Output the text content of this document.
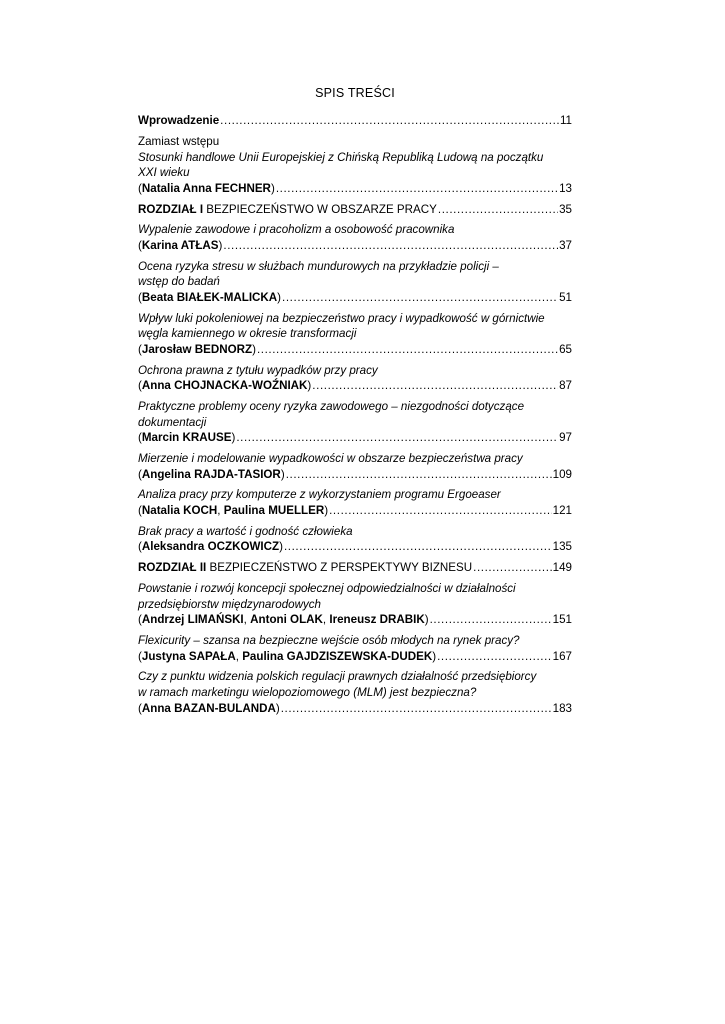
SPIS TREŚCI
Wprowadzenie .....	11
Zamiast wstępu
Stosunki handlowe Unii Europejskiej z Chińską Republiką Ludową na początku
XXI wieku
(Natalia Anna FECHNER) .....	13
ROZDZIAŁ I BEZPIECZEŃSTWO W OBSZARZE PRACY .....	35
Wypalenie zawodowe i pracoholizm a osobowość pracownika
(Karina ATŁAS) .....	37
Ocena ryzyka stresu w służbach mundurowych na przykładzie policji –
wstęp do badań
(Beata BIAŁEK-MALICKA) .....	51
Wpływ luki pokoleniowej na bezpieczeństwo pracy i wypadkowość w górnictwie
węgla kamiennego w okresie transformacji
(Jarosław BEDNORZ) .....	65
Ochrona prawna z tytułu wypadków przy pracy
(Anna CHOJNACKA-WOŹNIAK) .....	87
Praktyczne problemy oceny ryzyka zawodowego – niezgodności dotyczące
dokumentacji
(Marcin KRAUSE) .....	97
Mierzenie i modelowanie wypadkowości w obszarze bezpieczeństwa pracy
(Angelina RAJDA-TASIOR) .....	109
Analiza pracy przy komputerze z wykorzystaniem programu Ergoeaser
(Natalia KOCH, Paulina MUELLER) .....	121
Brak pracy a wartość i godność człowieka
(Aleksandra OCZKOWICZ) .....	135
ROZDZIAŁ II BEZPIECZEŃSTWO Z PERSPEKTYWY BIZNESU .....	149
Powstanie i rozwój koncepcji społecznej odpowiedzialności w działalności
przedsiębiorstw międzynarodowych
(Andrzej LIMAŃSKI, Antoni OLAK, Ireneusz DRABIK) .....	151
Flexicurity – szansa na bezpieczne wejście osób młodych na rynek pracy?
(Justyna SAPAŁA, Paulina GAJDZISZEWSKA-DUDEK) .....	167
Czy z punktu widzenia polskich regulacji prawnych działalność przedsiębiorcy
w ramach marketingu wielopoziomowego (MLM) jest bezpieczna?
(Anna BAZAN-BULANDA) .....	183
